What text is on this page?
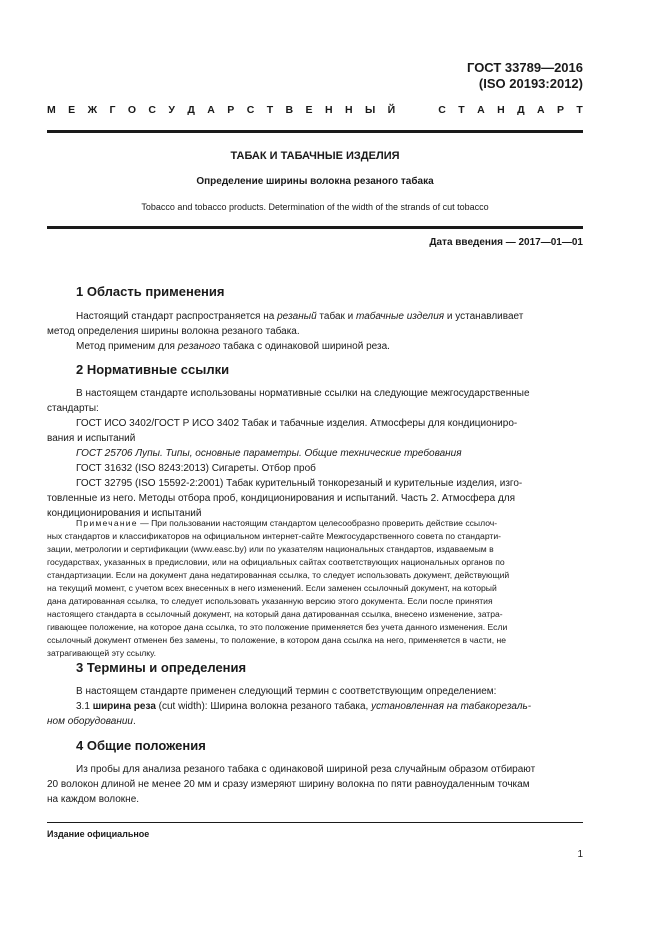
ГОСТ 33789—2016
(ISO 20193:2012)
М Е Ж Г О С У Д А Р С Т В Е Н Н Ы Й

	С Т А Н Д А Р Т
ТАБАК И ТАБАЧНЫЕ ИЗДЕЛИЯ
Определение ширины волокна резаного табака
Tobacco and tobacco products. Determination of the width of the strands of cut tobacco
Дата введения — 2017—01—01
1 Область применения
Настоящий стандарт распространяется на резаный табак и табачные изделия и устанавливает
метод определения ширины волокна резаного табака.
Метод применим для резаного табака с одинаковой шириной реза.
2 Нормативные ссылки
В настоящем стандарте использованы нормативные ссылки на следующие межгосударственные
стандарты:
ГОСТ ИСО 3402/ГОСТ Р ИСО 3402 Табак и табачные изделия. Атмосферы для кондициониро-
вания и испытаний
ГОСТ 25706 Лупы. Типы, основные параметры. Общие технические требования
ГОСТ 31632 (ISO 8243:2013) Сигареты. Отбор проб
ГОСТ 32795 (ISO 15592-2:2001) Табак курительный тонкорезаный и курительные изделия, изго-
товленные из него. Методы отбора проб, кондиционирования и испытаний. Часть 2. Атмосфера для
кондиционирования и испытаний
Примечание — При пользовании настоящим стандартом целесообразно проверить действие ссылоч-
ных стандартов и классификаторов на официальном интернет-сайте Межгосударственного совета по стандарти-
зации, метрологии и сертификации (www.easc.by) или по указателям национальных стандартов, издаваемым в
государствах, указанных в предисловии, или на официальных сайтах соответствующих национальных органов по
стандартизации. Если на документ дана недатированная ссылка, то следует использовать документ, действующий
на текущий момент, с учетом всех внесенных в него изменений. Если заменен ссылочный документ, на который
дана датированная ссылка, то следует использовать указанную версию этого документа. Если после принятия
настоящего стандарта в ссылочный документ, на который дана датированная ссылка, внесено изменение, затра-
гивающее положение, на которое дана ссылка, то это положение применяется без учета данного изменения. Если
ссылочный документ отменен без замены, то положение, в котором дана ссылка на него, применяется в части, не
затрагивающей эту ссылку.
3 Термины и определения
В настоящем стандарте применен следующий термин с соответствующим определением:
3.1 ширина реза (cut width): Ширина волокна резаного табака, установленная на табакорезаль-
ном оборудовании.
4 Общие положения
Из пробы для анализа резаного табака с одинаковой шириной реза случайным образом отбирают
20 волокон длиной не менее 20 мм и сразу измеряют ширину волокна по пяти равноудаленным точкам
на каждом волокне.
Издание официальное
1
